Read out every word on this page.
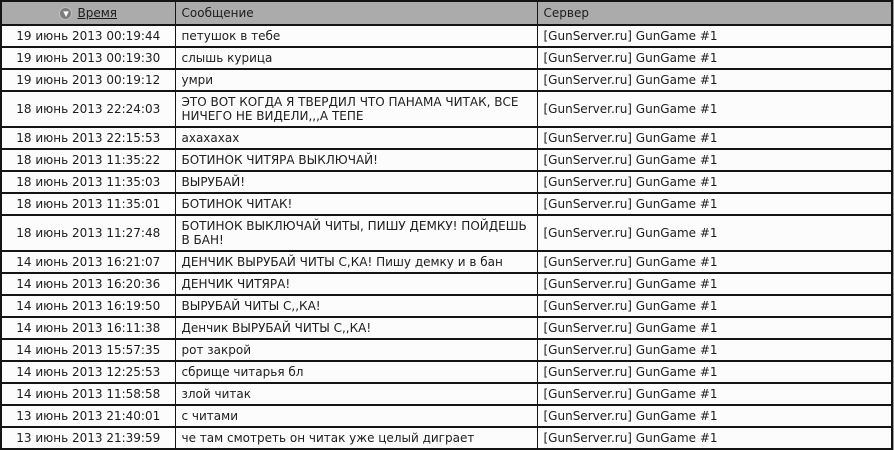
▼ Время	Сообщение	Сервер
19 июнь 2013 00:19:44	петушок в тебе	[GunServer.ru] GunGame #1
19 июнь 2013 00:19:30	слышь курица	[GunServer.ru] GunGame #1
19 июнь 2013 00:19:12	умри	[GunServer.ru] GunGame #1
18 июнь 2013 22:24:03	ЭТО ВОТ КОГДА Я ТВЕРДИЛ ЧТО ПАНАМА ЧИТАК, ВСЕ НИЧЕГО НЕ ВИДЕЛИ,,,А ТЕПЕ	[GunServer.ru] GunGame #1
18 июнь 2013 22:15:53	ахахахах	[GunServer.ru] GunGame #1
18 июнь 2013 11:35:22	БОТИНОК ЧИТЯРА ВЫКЛЮЧАЙ!	[GunServer.ru] GunGame #1
18 июнь 2013 11:35:03	ВЫРУБАЙ!	[GunServer.ru] GunGame #1
18 июнь 2013 11:35:01	БОТИНОК ЧИТАК!	[GunServer.ru] GunGame #1
18 июнь 2013 11:27:48	БОТИНОК ВЫКЛЮЧАЙ ЧИТЫ, ПИШУ ДЕМКУ! ПОЙДЕШЬ В БАН!	[GunServer.ru] GunGame #1
14 июнь 2013 16:21:07	ДЕНЧИК ВЫРУБАЙ ЧИТЫ С,КА! Пишу демку и в бан	[GunServer.ru] GunGame #1
14 июнь 2013 16:20:36	ДЕНЧИК ЧИТЯРА!	[GunServer.ru] GunGame #1
14 июнь 2013 16:19:50	ВЫРУБАЙ ЧИТЫ С,,КА!	[GunServer.ru] GunGame #1
14 июнь 2013 16:11:38	Денчик ВЫРУБАЙ ЧИТЫ С,,КА!	[GunServer.ru] GunGame #1
14 июнь 2013 15:57:35	рот закрой	[GunServer.ru] GunGame #1
14 июнь 2013 12:25:53	сбрище читарья бл	[GunServer.ru] GunGame #1
14 июнь 2013 11:58:58	злой читак	[GunServer.ru] GunGame #1
13 июнь 2013 21:40:01	с читами	[GunServer.ru] GunGame #1
13 июнь 2013 21:39:59	че там смотреть он читак уже целый диграет	[GunServer.ru] GunGame #1
